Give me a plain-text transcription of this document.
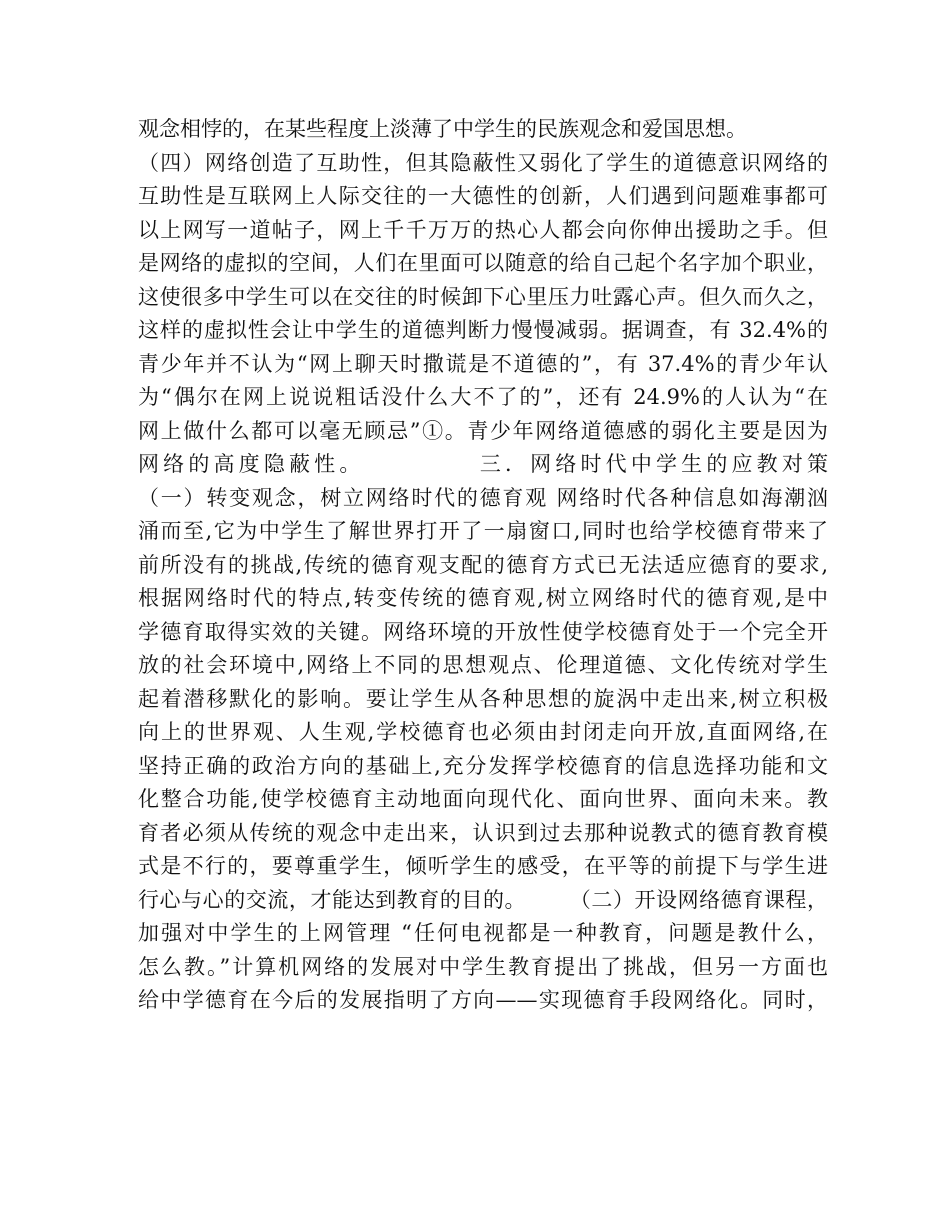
观念相悖的，在某些程度上淡薄了中学生的民族观念和爱国思想。
（四）网络创造了互助性，但其隐蔽性又弱化了学生的道德意识网络的
互助性是互联网上人际交往的一大德性的创新，人们遇到问题难事都可
以上网写一道帖子，网上千千万万的热心人都会向你伸出援助之手。但
是网络的虚拟的空间，人们在里面可以随意的给自己起个名字加个职业，
这使很多中学生可以在交往的时候卸下心里压力吐露心声。但久而久之，
这样的虚拟性会让中学生的道德判断力慢慢减弱。据调查，有 32.4%的
青少年并不认为“网上聊天时撒谎是不道德的”，有 37.4%的青少年认
为“偶尔在网上说说粗话没什么大不了的”，还有 24.9%的人认为“在
网上做什么都可以毫无顾忌”①。青少年网络道德感的弱化主要是因为
网络的高度隐蔽性。　　　　　三．网络时代中学生的应教对策
（一）转变观念，树立网络时代的德育观 网络时代各种信息如海潮汹
涌而至,它为中学生了解世界打开了一扇窗口,同时也给学校德育带来了
前所没有的挑战,传统的德育观支配的德育方式已无法适应德育的要求,
根据网络时代的特点,转变传统的德育观,树立网络时代的德育观,是中
学德育取得实效的关键。网络环境的开放性使学校德育处于一个完全开
放的社会环境中,网络上不同的思想观点、伦理道德、文化传统对学生
起着潜移默化的影响。要让学生从各种思想的旋涡中走出来,树立积极
向上的世界观、人生观,学校德育也必须由封闭走向开放,直面网络,在
坚持正确的政治方向的基础上,充分发挥学校德育的信息选择功能和文
化整合功能,使学校德育主动地面向现代化、面向世界、面向未来。教
育者必须从传统的观念中走出来，认识到过去那种说教式的德育教育模
式是不行的，要尊重学生，倾听学生的感受，在平等的前提下与学生进
行心与心的交流，才能达到教育的目的。　　　（二）开设网络德育课程，
加强对中学生的上网管理 “任何电视都是一种教育，问题是教什么，
怎么教。”计算机网络的发展对中学生教育提出了挑战，但另一方面也
给中学德育在今后的发展指明了方向——实现德育手段网络化。同时，
